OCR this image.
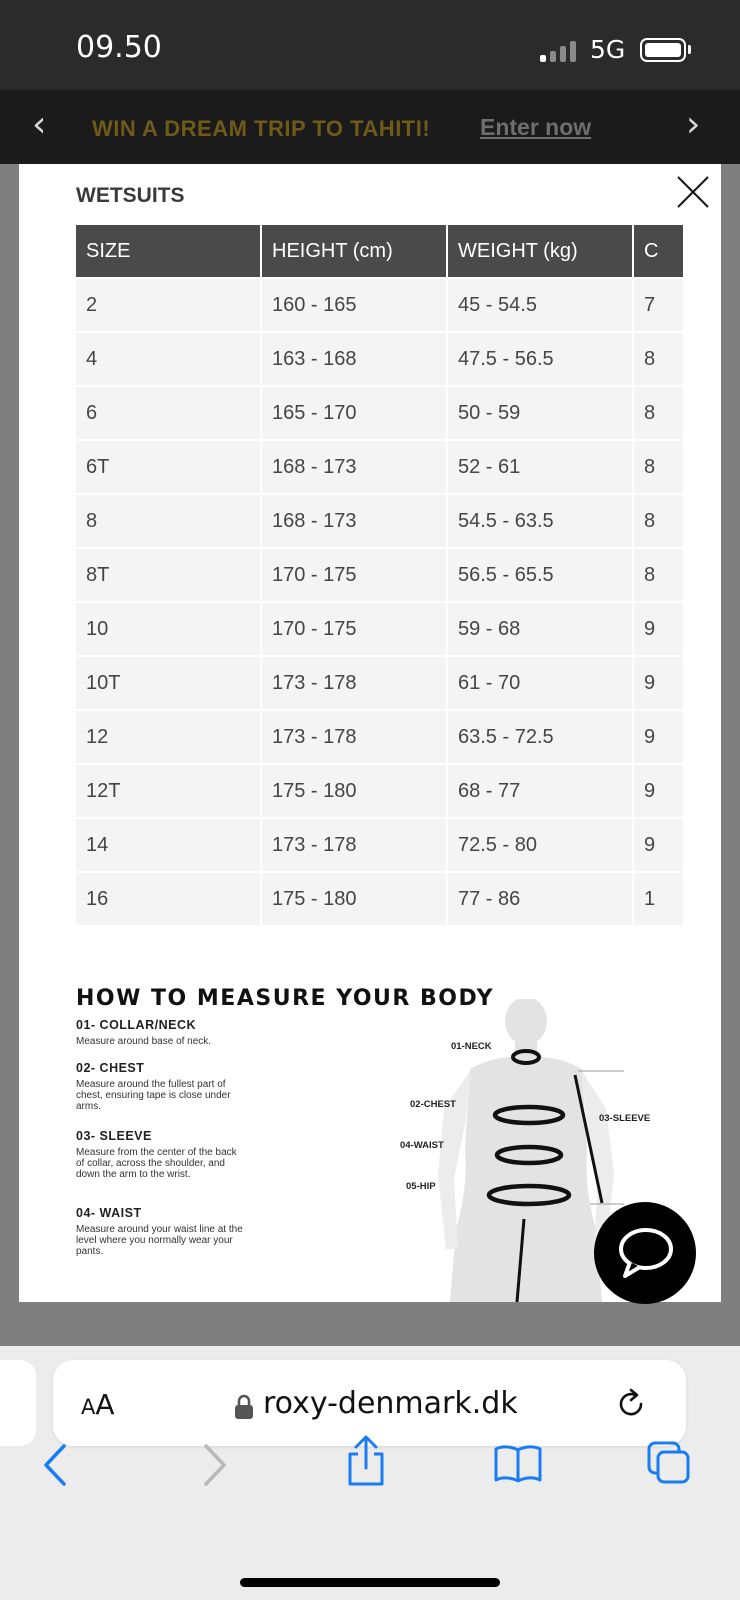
09.50	5G
‹ WIN A DREAM TRIP TO TAHITI! Enter now	›
WETSUITS
SIZE	HEIGHT (cm)	WEIGHT (kg)	C
2	160 - 165	45 - 54.5	7
4	163 - 168	47.5 - 56.5	8
6	165 - 170	50 - 59	8
6T	168 - 173	52 - 61	8
8	168 - 173	54.5 - 63.5	8
8T	170 - 175	56.5 - 65.5	8
10	170 - 175	59 - 68	9
10T	173 - 178	61 - 70	9
12	173 - 178	63.5 - 72.5	9
12T	175 - 180	68 - 77	9
14	173 - 178	72.5 - 80	9
16	175 - 180	77 - 86	1
HOW TO MEASURE YOUR BODY
01- COLLAR/NECK
Measure around base of neck.
02- CHEST
Measure around the fullest part of chest, ensuring tape is close under arms.
03- SLEEVE
Measure from the center of the back of collar, across the shoulder, and down the arm to the wrist.
04- WAIST
Measure around your waist line at the level where you normally wear your pants.
01-NECK
02-CHEST
03-SLEEVE
04-WAIST
05-HIP
AA	roxy-denmark.dk
